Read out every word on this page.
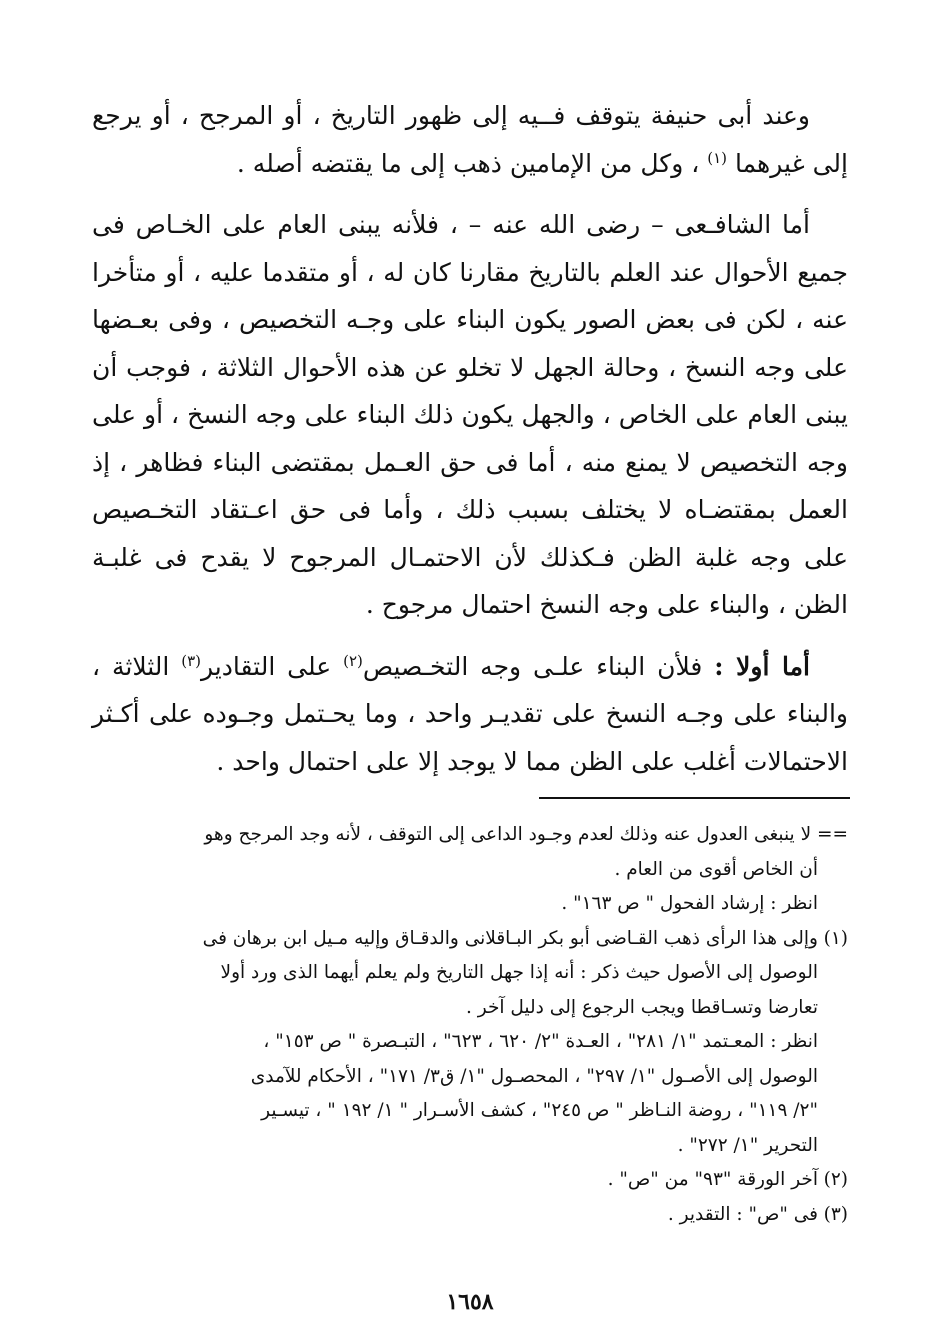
وعند أبى حنيفة يتوقف فــيه إلى ظهور التاريخ ، أو المرجح ، أو يرجع إلى غيرهما $^{(١)}$ ، وكل من الإمامين ذهب إلى ما يقتضه أصله .

أما الشافـعى – رضى الله عنه – ، فلأنه يبنى العام على الخـاص فى جميع الأحوال عند العلم بالتاريخ مقارنا كان له ، أو متقدما عليه ، أو متأخرا عنه ، لكن فى بعض الصور يكون البناء على وجـه التخصيص ، وفى بعـضها على وجه النسخ ، وحالة الجهل لا تخلو عن هذه الأحوال الثلاثة ، فوجب أن يبنى العام على الخاص ، والجهل يكون ذلك البناء على وجه النسخ ، أو على وجه التخصيص لا يمنع منه ، أما فى حق العـمل بمقتضى البناء فظاهر ، إذ العمل بمقتضـاه لا يختلف بسبب ذلك ، وأما فى حق اعـتقاد التخـصيص على وجه غلبة الظن فـكذلك لأن الاحتمـال المرجوح لا يقدح فى غلبـة الظن ، والبناء على وجه النسخ احتمال مرجوح .

أما أولا : فلأن البناء علـى وجه التخـصيص$^{(٢)}$ على التقادير$^{(٣)}$ الثلاثة ، والبناء على وجـه النسخ على تقديـر واحد ، وما يحـتمل وجـوده على أكـثر الاحتمالات أغلب على الظن مما لا يوجد إلا على احتمال واحد .

== لا ينبغى العدول عنه وذلك لعدم وجـود الداعى إلى التوقف ، لأنه وجد المرجح وهو
أن الخاص أقوى من العام .
انظر : إرشاد الفحول " ص ١٦٣" .
(١)وإلى هذا الرأى ذهب القـاضى أبو بكر البـاقلانى والدقـاق وإليه مـيل ابن برهان فى
الوصول إلى الأصول حيث ذكر : أنه إذا جهل التاريخ ولم يعلم أيهما الذى ورد أولا
تعارضا وتسـاقطا ويجب الرجوع إلى دليل آخر .
انظر : المعـتمد "١/ ٢٨١" ، العـدة "٢/ ٦٢٠ ، ٦٢٣" ، التبـصرة " ص ١٥٣" ،
الوصول إلى الأصـول "١/ ٢٩٧" ، المحصـول "١/ ق٣/ ١٧١" ، الأحكام للآمدى
"٢/ ١١٩" ، روضة النـاظر " ص ٢٤٥" ، كشف الأسـرار " ١/ ١٩٢ " ، تيسـير
التحرير "١/ ٢٧٢" .
(٢)آخر الورقة "٩٣" من "ص" .
(٣)فى "ص" : التقدير .
١٦٥٨
